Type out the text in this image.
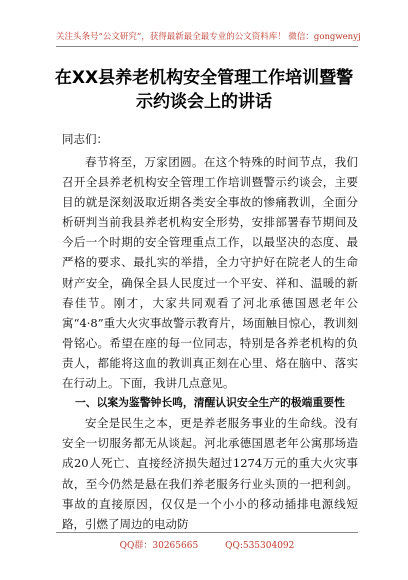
关注头条号“公文研究”，获得最新最全最专业的公文资料库！ 微信：gongwenyj
在XX县养老机构安全管理工作培训暨警
示约谈会上的讲话
同志们：

春节将至，万家团圆。在这个特殊的时间节点，我们召开全县养老机构安全管理工作培训暨警示约谈会，主要目的就是深刻汲取近期各类安全事故的惨痛教训，全面分析研判当前我县养老机构安全形势，安排部署春节期间及今后一个时期的安全管理重点工作，以最坚决的态度、最严格的要求、最扎实的举措，全力守护好在院老人的生命财产安全，确保全县人民度过一个平安、祥和、温暖的新春佳节。刚才，大家共同观看了河北承德国恩老年公寓“4·8”重大火灾事故警示教育片，场面触目惊心，教训刻骨铭心。希望在座的每一位同志，特别是各养老机构的负责人，都能将这血的教训真正刻在心里、烙在脑中、落实在行动上。下面，我讲几点意见。

一、以案为鉴警钟长鸣，清醒认识安全生产的极端重要性

安全是民生之本，更是养老服务事业的生命线。没有安全一切服务都无从谈起。河北承德国恩老年公寓那场造成20人死亡、直接经济损失超过1274万元的重大火灾事故，至今仍然是悬在我们养老服务行业头顶的一把利剑。事故的直接原因，仅仅是一个小小的移动插排电源线短路，引燃了周边的电动防

QQ群：30265665	QQ:535304092
